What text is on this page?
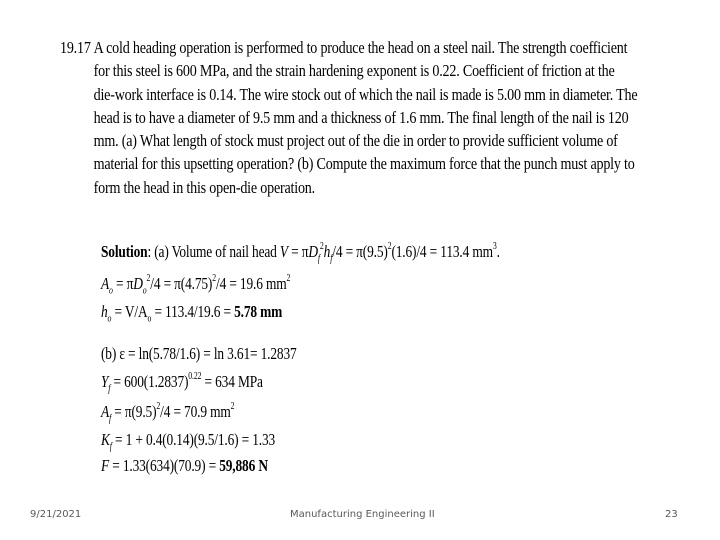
19.17 A cold heading operation is performed to produce the head on a steel nail. The strength coefficient
for this steel is 600 MPa, and the strain hardening exponent is 0.22. Coefficient of friction at the
die-work interface is 0.14. The wire stock out of which the nail is made is 5.00 mm in diameter. The
head is to have a diameter of 9.5 mm and a thickness of 1.6 mm. The final length of the nail is 120
mm. (a) What length of stock must project out of the die in order to provide sufficient volume of
material for this upsetting operation? (b) Compute the maximum force that the punch must apply to
form the head in this open-die operation.
Solution: (a) Volume of nail head $V = \pi D_f^2h_f/4 = \pi(9.5)^2(1.6)/4 = 113.4$ $mm^3$.
$A_o = \pi D_o^2/4 = \pi(4.75)^2/4 = 19.6$ $mm^2$
$h_o = V/A_o = 113.4/19.6 = 5.78$ mm
(b) ε = ln(5.78/1.6) = ln 3.61= 1.2837
$Y_f = 600(1.2837)^{0.22} = 634$ MPa
$A_f = \pi(9.5)^2/4 = 70.9$ $mm^2$
$K_f = 1 + 0.4(0.14)(9.5/1.6) = 1.33$
F = 1.33(634)(70.9) = 59,886 N
9/21/2021	Manufacturing Engineering II	23
